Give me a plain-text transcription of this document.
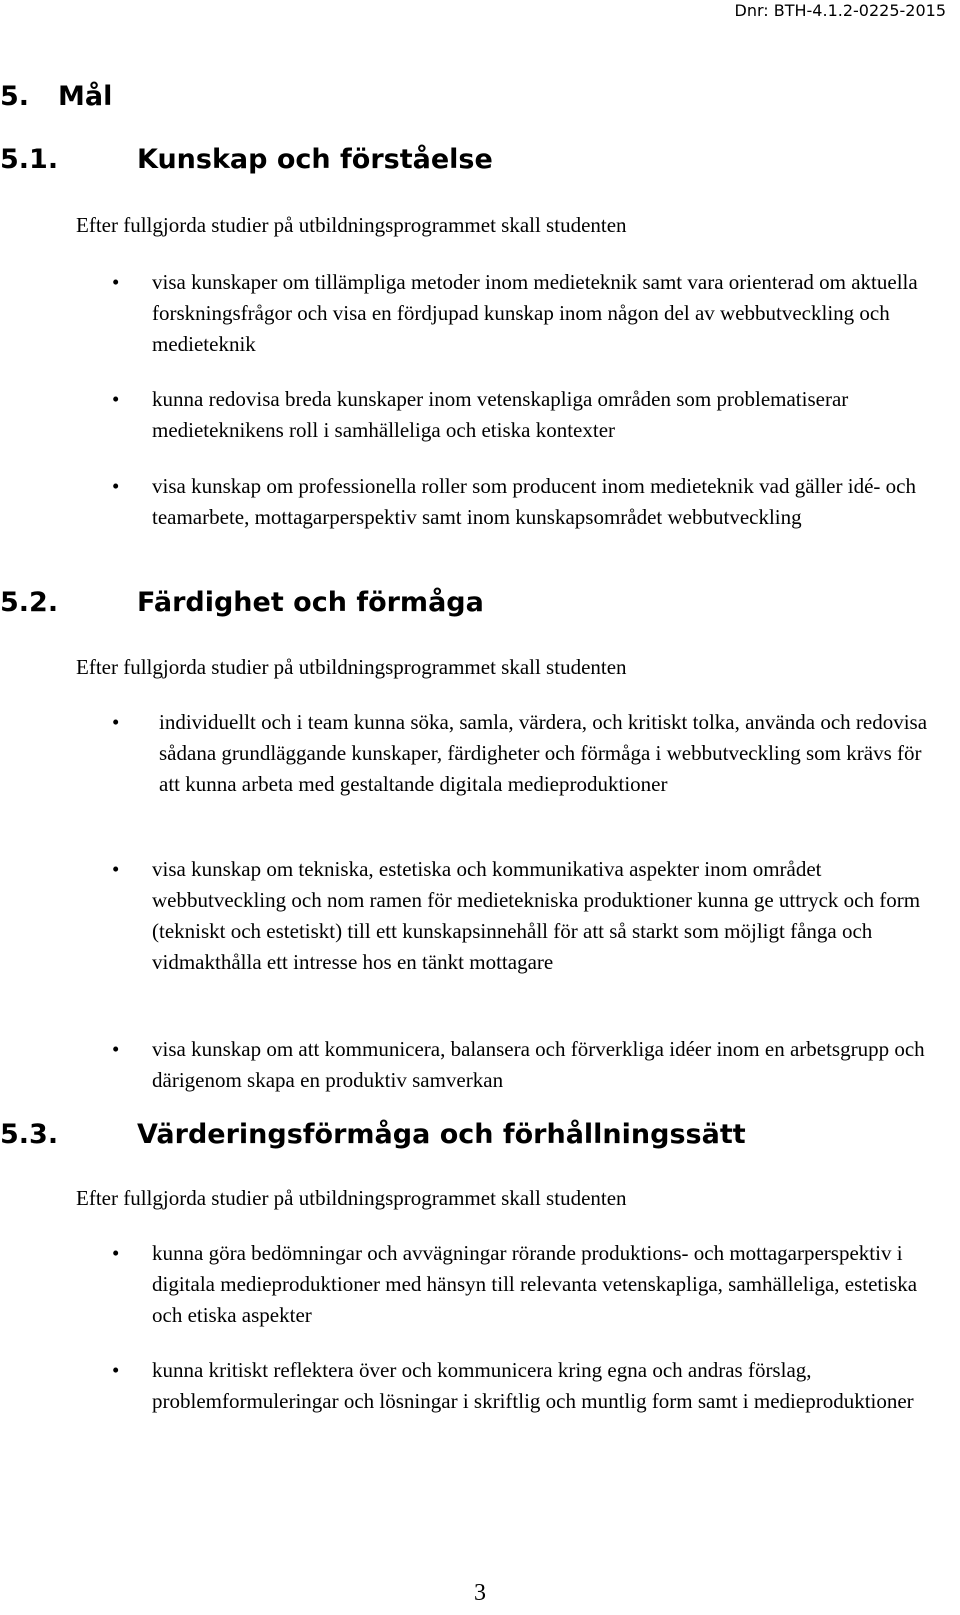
Dnr: BTH-4.1.2-0225-2015
5. Mål
5.1.	Kunskap och förståelse
Efter fullgjorda studier på utbildningsprogrammet skall studenten
• visa kunskaper om tillämpliga metoder inom medieteknik samt vara orienterad om aktuella forskningsfrågor och visa en fördjupad kunskap inom någon del av webbutveckling och medieteknik
• kunna redovisa breda kunskaper inom vetenskapliga områden som problematiserar medieteknikens roll i samhälleliga och etiska kontexter
• visa kunskap om professionella roller som producent inom medieteknik vad gäller idé- och teamarbete, mottagarperspektiv samt inom kunskapsområdet webbutveckling
5.2.	Färdighet och förmåga
Efter fullgjorda studier på utbildningsprogrammet skall studenten
• individuellt och i team kunna söka, samla, värdera, och kritiskt tolka, använda och redovisa sådana grundläggande kunskaper, färdigheter och förmåga i webbutveckling som krävs för att kunna arbeta med gestaltande digitala medieproduktioner
• visa kunskap om tekniska, estetiska och kommunikativa aspekter inom området webbutveckling och nom ramen för medietekniska produktioner kunna ge uttryck och form (tekniskt och estetiskt) till ett kunskapsinnehåll för att så starkt som möjligt fånga och vidmakthålla ett intresse hos en tänkt mottagare
• visa kunskap om att kommunicera, balansera och förverkliga idéer inom en arbetsgrupp och därigenom skapa en produktiv samverkan
5.3.	Värderingsförmåga och förhållningssätt
Efter fullgjorda studier på utbildningsprogrammet skall studenten
• kunna göra bedömningar och avvägningar rörande produktions- och mottagarperspektiv i digitala medieproduktioner med hänsyn till relevanta vetenskapliga, samhälleliga, estetiska och etiska aspekter
• kunna kritiskt reflektera över och kommunicera kring egna och andras förslag, problemformuleringar och lösningar i skriftlig och muntlig form samt i medieproduktioner
3
